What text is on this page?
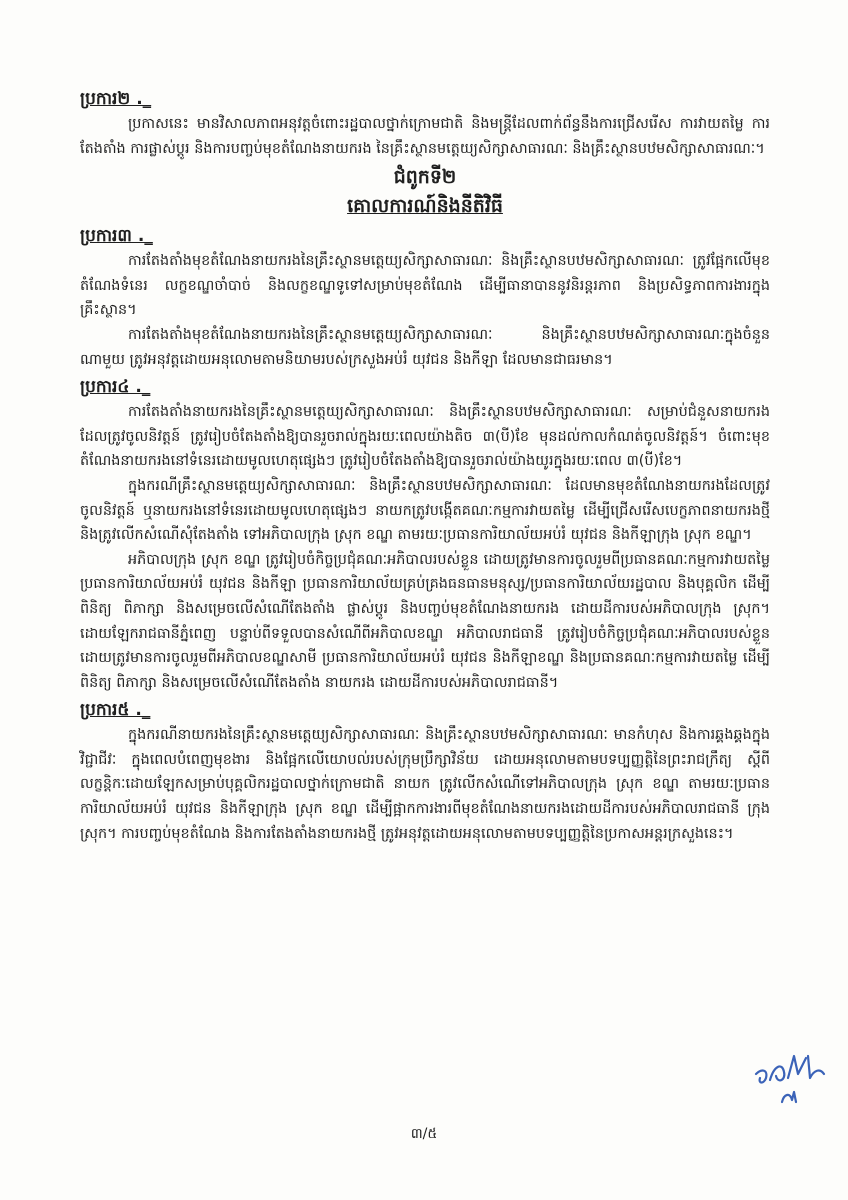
ប្រការ២ ._

ប្រកាសនេះ មានវិសាលភាពអនុវត្តចំពោះរដ្ឋបាលថ្នាក់ក្រោមជាតិ និងមន្ត្រីដែលពាក់ព័ន្ធនឹងការជ្រើសរើស ការវាយតម្លៃ ការតែងតាំង ការផ្លាស់ប្តូរ និងការបញ្ចប់មុខតំណែងនាយករង នៃគ្រឹះស្ថានមត្តេយ្យសិក្សាសាធារណៈ និងគ្រឹះស្ថានបឋមសិក្សាសាធារណៈ។

ជំពូកទី២
គោលការណ៍និងនីតិវិធី
ប្រការ៣ ._

ការតែងតាំងមុខតំណែងនាយករងនៃគ្រឹះស្ថានមត្តេយ្យសិក្សាសាធារណៈ និងគ្រឹះស្ថានបឋមសិក្សាសាធារណៈ ត្រូវផ្អែកលើមុខតំណែងទំនេរ លក្ខខណ្ឌចាំបាច់ និងលក្ខខណ្ឌទូទៅសម្រាប់មុខតំណែង ដើម្បីធានាបាននូវនិរន្តរភាព និងប្រសិទ្ធភាពការងារក្នុងគ្រឹះស្ថាន។

ការតែងតាំងមុខតំណែងនាយករងនៃគ្រឹះស្ថានមត្តេយ្យសិក្សាសាធារណៈ និងគ្រឹះស្ថានបឋមសិក្សាសាធារណៈក្នុងចំនួនណាមួយ ត្រូវអនុវត្តដោយអនុលោមតាមនិយាមរបស់ក្រសួងអប់រំ យុវជន និងកីឡា ដែលមានជាធរមាន។

ប្រការ៤ ._

ការតែងតាំងនាយករងនៃគ្រឹះស្ថានមត្តេយ្យសិក្សាសាធារណៈ និងគ្រឹះស្ថានបឋមសិក្សាសាធារណៈ សម្រាប់ជំនួសនាយករងដែលត្រូវចូលនិវត្តន៍ ត្រូវរៀបចំតែងតាំងឱ្យបានរួចរាល់ក្នុងរយៈពេលយ៉ាងតិច ៣(បី)ខែ មុនដល់កាលកំណត់ចូលនិវត្តន៍។ ចំពោះមុខតំណែងនាយករងនៅទំនេរដោយមូលហេតុផ្សេងៗ ត្រូវរៀបចំតែងតាំងឱ្យបានរួចរាល់យ៉ាងយូរក្នុងរយៈពេល ៣(បី)ខែ។

ក្នុងករណីគ្រឹះស្ថានមត្តេយ្យសិក្សាសាធារណៈ និងគ្រឹះស្ថានបឋមសិក្សាសាធារណៈ ដែលមានមុខតំណែងនាយករងដែលត្រូវចូលនិវត្តន៍ ឬនាយករងនៅទំនេរដោយមូលហេតុផ្សេងៗ នាយកត្រូវបង្កើតគណៈកម្មការវាយតម្លៃ ដើម្បីជ្រើសរើសបេក្ខភាពនាយករងថ្មី និងត្រូវលើកសំណើសុំតែងតាំង ទៅអភិបាលក្រុង ស្រុក ខណ្ឌ តាមរយៈប្រធានការិយាល័យអប់រំ យុវជន និងកីឡាក្រុង ស្រុក ខណ្ឌ។

អភិបាលក្រុង ស្រុក ខណ្ឌ ត្រូវរៀបចំកិច្ចប្រជុំគណៈអភិបាលរបស់ខ្លួន ដោយត្រូវមានការចូលរួមពីប្រធានគណៈកម្មការវាយតម្លៃ ប្រធានការិយាល័យអប់រំ យុវជន និងកីឡា ប្រធានការិយាល័យគ្រប់គ្រងធនធានមនុស្ស/ប្រធានការិយាល័យរដ្ឋបាល និងបុគ្គលិក ដើម្បីពិនិត្យ ពិភាក្សា និងសម្រេចលើសំណើតែងតាំង ផ្លាស់ប្តូរ និងបញ្ចប់មុខតំណែងនាយករង ដោយដីការបស់អភិបាលក្រុង ស្រុក។ ដោយឡែករាជធានីភ្នំពេញ បន្ទាប់ពីទទួលបានសំណើពីអភិបាលខណ្ឌ អភិបាលរាជធានី ត្រូវរៀបចំកិច្ចប្រជុំគណៈអភិបាលរបស់ខ្លួន ដោយត្រូវមានការចូលរួមពីអភិបាលខណ្ឌសាមី ប្រធានការិយាល័យអប់រំ យុវជន និងកីឡាខណ្ឌ និងប្រធានគណៈកម្មការវាយតម្លៃ ដើម្បីពិនិត្យ ពិភាក្សា និងសម្រេចលើសំណើតែងតាំង នាយករង ដោយដីការបស់អភិបាលរាជធានី។

ប្រការ៥ ._

ក្នុងករណីនាយករងនៃគ្រឹះស្ថានមត្តេយ្យសិក្សាសាធារណៈ និងគ្រឹះស្ថានបឋមសិក្សាសាធារណៈ មានកំហុស និងការឆ្គងឆ្គងក្នុងវិជ្ជាជីវៈ ក្នុងពេលបំពេញមុខងារ និងផ្អែកលើយោបល់របស់ក្រុមប្រឹក្សាវិន័យ ដោយអនុលោមតាមបទប្បញ្ញត្តិនៃព្រះរាជក្រឹត្យ ស្តីពីលក្ខន្តិកៈដោយឡែកសម្រាប់បុគ្គលិករដ្ឋបាលថ្នាក់ក្រោមជាតិ នាយក ត្រូវលើកសំណើទៅអភិបាលក្រុង ស្រុក ខណ្ឌ តាមរយៈប្រធានការិយាល័យអប់រំ យុវជន និងកីឡាក្រុង ស្រុក ខណ្ឌ ដើម្បីផ្អាកការងារពីមុខតំណែងនាយករងដោយដីការបស់អភិបាលរាជធានី ក្រុង ស្រុក។ ការបញ្ចប់មុខតំណែង និងការតែងតាំងនាយករងថ្មី ត្រូវអនុវត្តដោយអនុលោមតាមបទប្បញ្ញត្តិនៃប្រកាសអន្តរក្រសួងនេះ។

៣/៥
